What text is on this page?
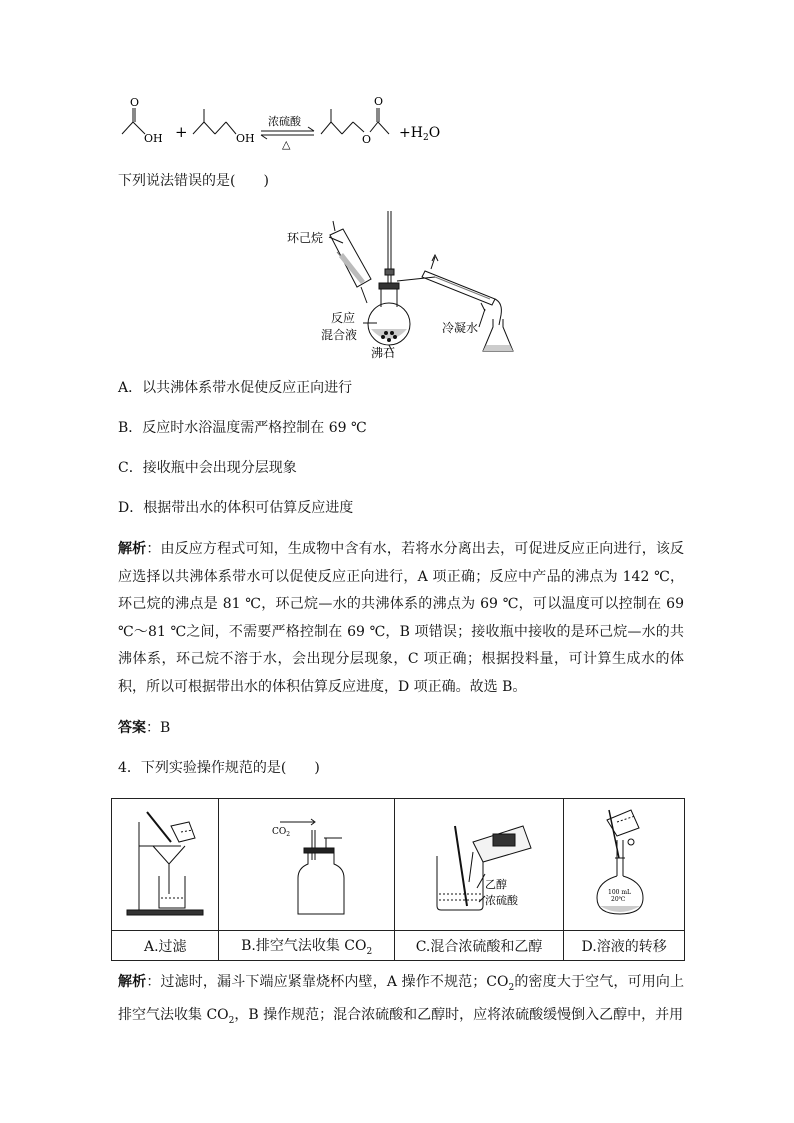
O
OH +	OH
浓硫酸
△	O
O
$+H_2O$
下列说法错误的是(　　)
环己烷
反应
混合液
沸石
冷凝水
A．以共沸体系带水促使反应正向进行
B．反应时水浴温度需严格控制在 69 ℃
C．接收瓶中会出现分层现象
D．根据带出水的体积可估算反应进度
解析：由反应方程式可知，生成物中含有水，若将水分离出去，可促进反应正向进行，该反应选择以共沸体系带水可以促使反应正向进行，A 项正确；反应中产品的沸点为 142 ℃，环己烷的沸点是 81 ℃，环己烷—水的共沸体系的沸点为 69 ℃，可以温度可以控制在 69 ℃～81 ℃之间，不需要严格控制在 69 ℃，B 项错误；接收瓶中接收的是环己烷—水的共沸体系，环己烷不溶于水，会出现分层现象，C 项正确；根据投料量，可计算生成水的体积，所以可根据带出水的体积估算反应进度，D 项正确。故选 B。
答案：B
4．下列实验操作规范的是(　　)

$CO_2$	乙醇
浓硫酸	100 mL
20℃

A.过滤	B.排空气法收集 $CO_2$	C.混合浓硫酸和乙醇	D.溶液的转移
解析：过滤时，漏斗下端应紧靠烧杯内壁，A 操作不规范；$CO_2$的密度大于空气，可用向上排空气法收集 $CO_2$，B 操作规范；混合浓硫酸和乙醇时，应将浓硫酸缓慢倒入乙醇中，并用
